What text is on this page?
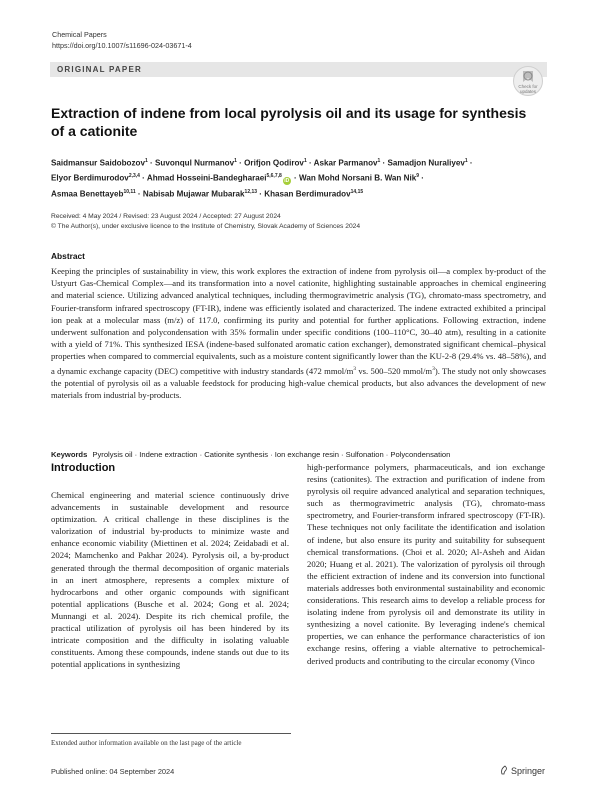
Chemical Papers
https://doi.org/10.1007/s11696-024-03671-4
ORIGINAL PAPER
Check for
updates
Extraction of indene from local pyrolysis oil and its usage for synthesis of a cationite
Saidmansur Saidobozov$^1$ · Suvonqul Nurmanov$^1$ · Orifjon Qodirov$^1$ · Askar Parmanov$^1$ · Samadjon Nuraliyev$^1$ ·
Elyor Berdimurodov$^{2,3,4}$ · Ahmad Hosseini-Bandegharaei$^{5,6,7,8}$iD · Wan Mohd Norsani B. Wan Nik$^9$ ·
Asmaa Benettayeb$^{10,11}$ · Nabisab Mujawar Mubarak$^{12,13}$ · Khasan Berdimuradov$^{14,15}$
Received: 4 May 2024 / Revised: 23 August 2024 / Accepted: 27 August 2024
© The Author(s), under exclusive licence to the Institute of Chemistry, Slovak Academy of Sciences 2024
Abstract
Keeping the principles of sustainability in view, this work explores the extraction of indene from pyrolysis oil—a complex by-product of the Ustyurt Gas-Chemical Complex—and its transformation into a novel cationite, highlighting sustainable approaches in chemical engineering and material science. Utilizing advanced analytical techniques, including thermogravimetric analysis (TG), chromato-mass spectrometry, and Fourier-transform infrared spectroscopy (FT-IR), indene was efficiently isolated and characterized. The indene extracted exhibited a principal ion peak at a molecular mass (m/z) of 117.0, confirming its purity and potential for further applications. Following extraction, indene underwent sulfonation and polycondensation with 35% formalin under specific conditions (100–110°C, 30–40 atm), resulting in a cationite with a yield of 71%. This synthesized IESA (indene-based sulfonated aromatic cation exchanger), demonstrated significant chemical–physical properties when compared to commercial equivalents, such as a moisture content significantly lower than the KU-2-8 (29.4% vs. 48–58%), and a dynamic exchange capacity (DEC) competitive with industry standards (472 mmol/$m^3$ vs. 500–520 mmol/$m^3$). The study not only showcases the potential of pyrolysis oil as a valuable feedstock for producing high-value chemical products, but also advances the development of new materials from industrial by-products.
Keywords Pyrolysis oil · Indene extraction · Cationite synthesis · Ion exchange resin · Sulfonation · Polycondensation
Introduction
Chemical engineering and material science continuously drive advancements in sustainable development and resource optimization. A critical challenge in these disciplines is the valorization of industrial by-products to minimize waste and enhance economic viability (Miettinen et al. 2024; Zeidabadi et al. 2024; Mamchenko and Pakhar 2024). Pyrolysis oil, a by-product generated through the thermal decomposition of organic materials in an inert atmosphere, represents a complex mixture of hydrocarbons and other organic compounds with significant potential applications (Busche et al. 2024; Gong et al. 2024; Munnangi et al. 2024). Despite its rich chemical profile, the practical utilization of pyrolysis oil has been hindered by its intricate composition and the difficulty in isolating valuable constituents. Among these compounds, indene stands out due to its potential applications in synthesizing
high-performance polymers, pharmaceuticals, and ion exchange resins (cationites). The extraction and purification of indene from pyrolysis oil require advanced analytical and separation techniques, such as thermogravimetric analysis (TG), chromato-mass spectrometry, and Fourier-transform infrared spectroscopy (FT-IR). These techniques not only facilitate the identification and isolation of indene, but also ensure its purity and suitability for subsequent chemical transformations. (Choi et al. 2020; Al-Asheh and Aidan 2020; Huang et al. 2021). The valorization of pyrolysis oil through the efficient extraction of indene and its conversion into functional materials addresses both environmental sustainability and economic considerations. This research aims to develop a reliable process for isolating indene from pyrolysis oil and demonstrate its utility in synthesizing a novel cationite. By leveraging indene's chemical properties, we can enhance the performance characteristics of ion exchange resins, offering a viable alternative to petrochemical-derived products and contributing to the circular economy (Vinco
Extended author information available on the last page of the article
Published online: 04 September 2024	Springer
